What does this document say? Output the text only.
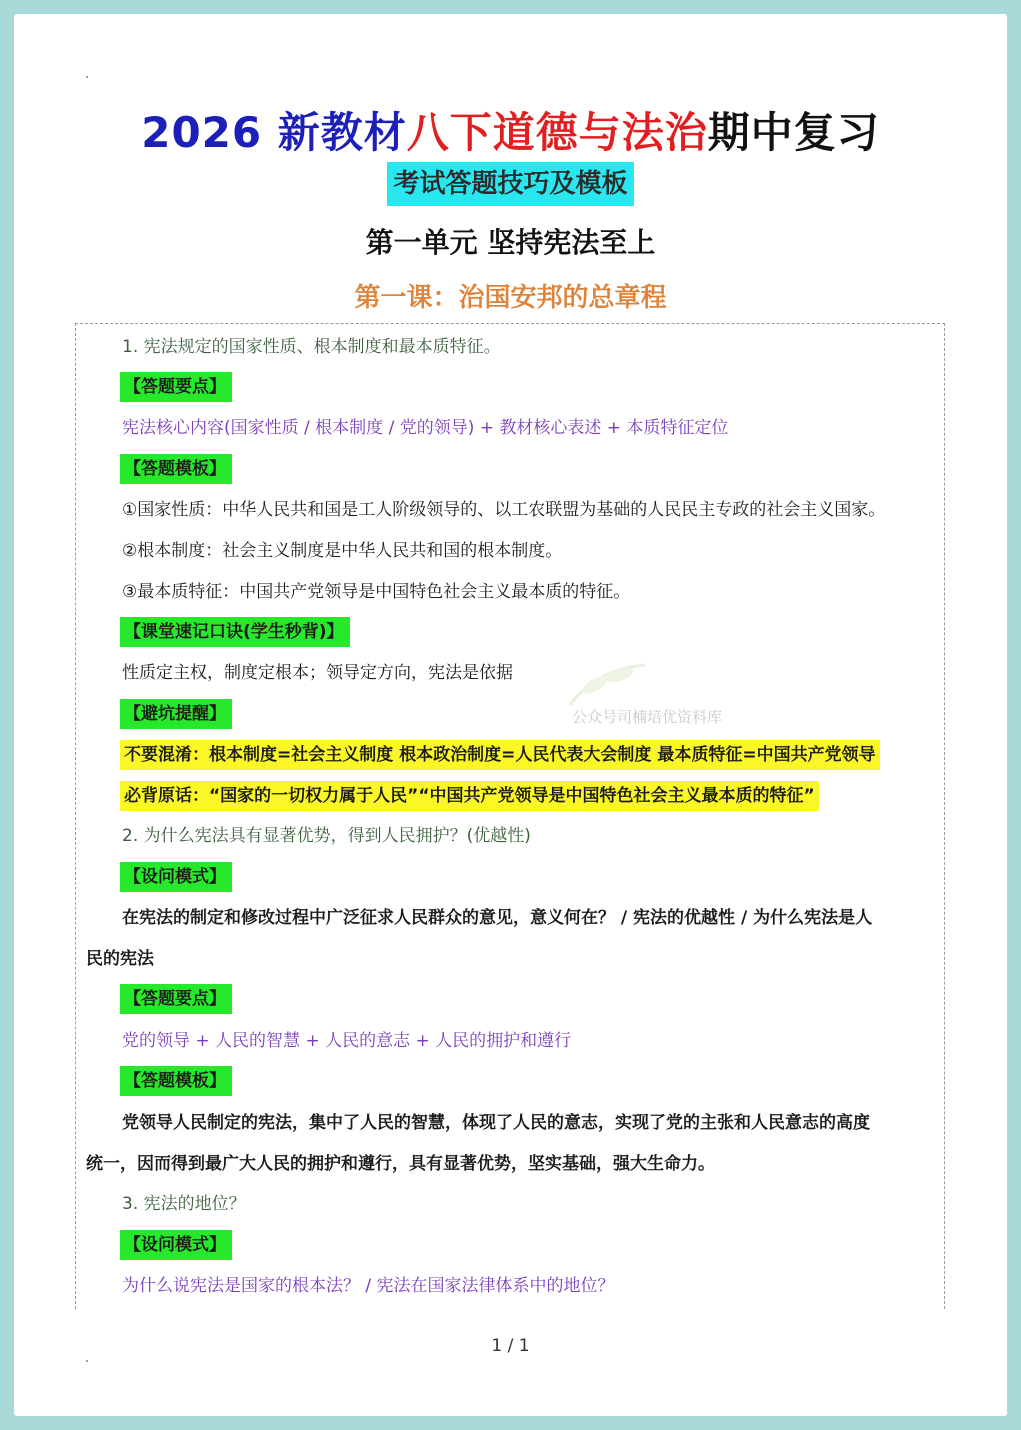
2026 新教材八下道德与法治期中复习
考试答题技巧及模板
第一单元 坚持宪法至上
第一课：治国安邦的总章程
1. 宪法规定的国家性质、根本制度和最本质特征。
【答题要点】
宪法核心内容(国家性质 / 根本制度 / 党的领导) + 教材核心表述 + 本质特征定位
【答题模板】
①国家性质：中华人民共和国是工人阶级领导的、以工农联盟为基础的人民民主专政的社会主义国家。
②根本制度：社会主义制度是中华人民共和国的根本制度。
③最本质特征：中国共产党领导是中国特色社会主义最本质的特征。
【课堂速记口诀(学生秒背)】
性质定主权，制度定根本；领导定方向，宪法是依据
【避坑提醒】	公众号司楠培优资料库
不要混淆：根本制度=社会主义制度 根本政治制度=人民代表大会制度 最本质特征=中国共产党领导
必背原话：“国家的一切权力属于人民”“中国共产党领导是中国特色社会主义最本质的特征”
2. 为什么宪法具有显著优势，得到人民拥护？(优越性)
【设问模式】
在宪法的制定和修改过程中广泛征求人民群众的意见，意义何在？ / 宪法的优越性 / 为什么宪法是人
民的宪法
【答题要点】
党的领导 + 人民的智慧 + 人民的意志 + 人民的拥护和遵行
【答题模板】
党领导人民制定的宪法，集中了人民的智慧，体现了人民的意志，实现了党的主张和人民意志的高度
统一，因而得到最广大人民的拥护和遵行，具有显著优势，坚实基础，强大生命力。
3. 宪法的地位？
【设问模式】
为什么说宪法是国家的根本法？ / 宪法在国家法律体系中的地位？
1 / 1
